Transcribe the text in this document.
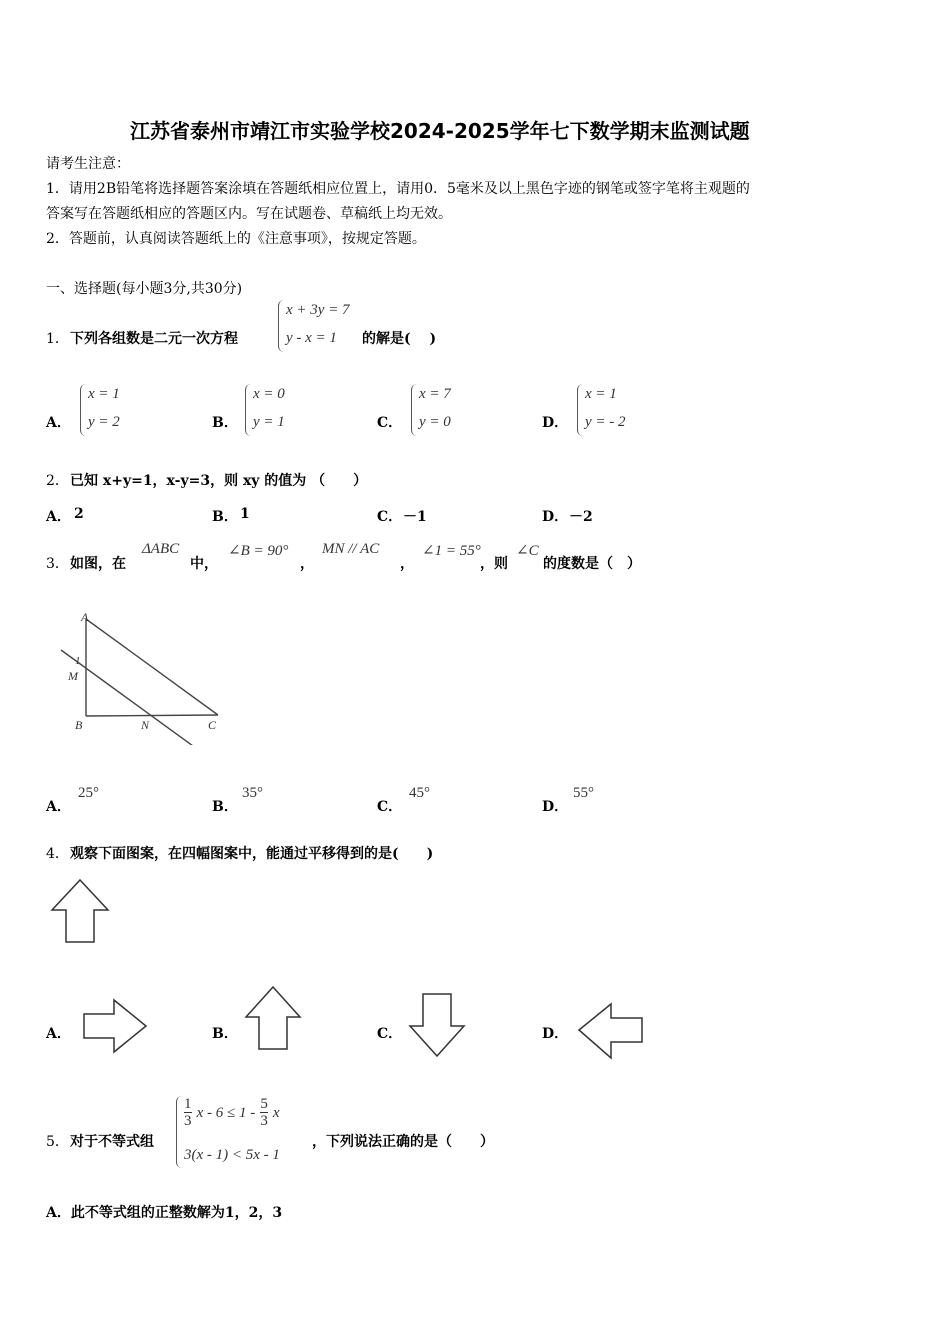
江苏省泰州市靖江市实验学校2024-2025学年七下数学期末监测试题
请考生注意：
1．请用2B铅笔将选择题答案涂填在答题纸相应位置上，请用0．5毫米及以上黑色字迹的钢笔或签字笔将主观题的
答案写在答题纸相应的答题区内。写在试题卷、草稿纸上均无效。
2．答题前，认真阅读答题纸上的《注意事项》，按规定答题。
一、选择题(每小题3分,共30分)
1． 下列各组数是二元一次方程
x + 3y = 7
y - x = 1 的解是(　 )
A．
x = 1
y = 2	B．
x = 0
y = 1	C．
x = 7
y = 0	D．
x = 1
y = - 2
2． 已知 x+y=1，x-y=3，则 xy 的值为 （　　）
A． 2	B． 1	C． －1	D． －2
3． 如图，在
ΔABC
中，
∠B = 90°
，
MN // AC
，
∠1 = 55°
，则
∠C
的度数是（　）
A
1
M
B	N	C
A．
25°
B．
35°
C．
45°
D．
55°
4． 观察下面图案，在四幅图案中，能通过平移得到的是(　　)
A．	B．	C．	D．
5． 对于不等式组
$\frac{1}{3}$ $x - 6 \le 1 - \frac{5}{3}$ x
3(x - 1) < 5x - 1
，下列说法正确的是（　　）
A．此不等式组的正整数解为1，2，3
